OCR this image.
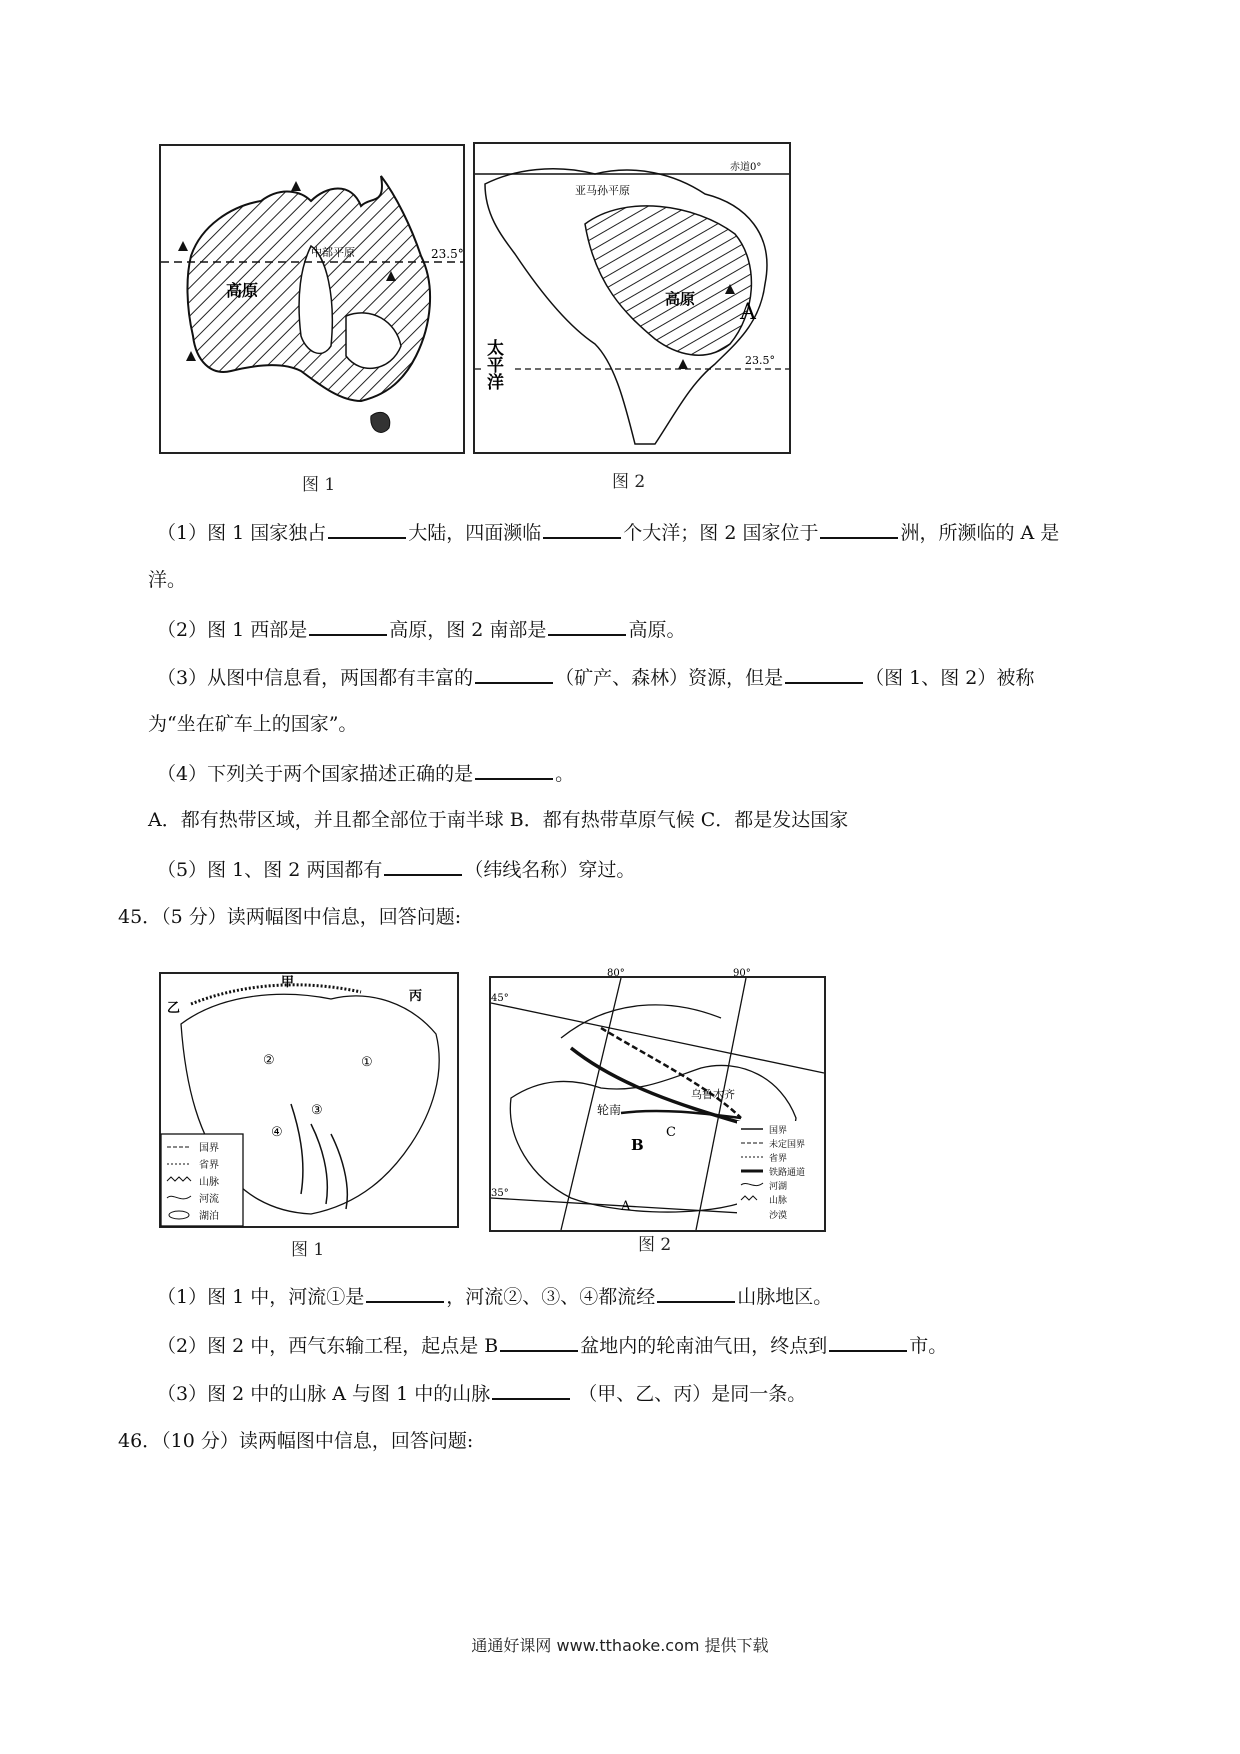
23.5°
高原
中部平原
图 1
赤道0°
亚马孙平原
高原
A
23.5°
太平洋
图 2
（1）图 1 国家独占	大陆，四面濒临	个大洋；图 2 国家位于	洲，所濒临的 A 是
洋。
（2）图 1 西部是	高原，图 2 南部是	高原。
（3）从图中信息看，两国都有丰富的	（矿产、森林）资源，但是	（图 1、图 2）被称
为“坐在矿车上的国家”。
（4）下列关于两个国家描述正确的是	。
A．都有热带区域，并且都全部位于南半球 B．都有热带草原气候 C．都是发达国家
（5）图 1、图 2 两国都有	（纬线名称）穿过。
45．（5 分）读两幅图中信息，回答问题:
甲
乙
丙
①
②
③
④
国界
省界
山脉
河流
湖泊
图 1
80°	90°
45°
35°
轮南
乌鲁木齐
B
C
A
国界
未定国界
省界
铁路通道
河湖
山脉
沙漠
图 2
（1）图 1 中，河流①是	，河流②、③、④都流经	山脉地区。
（2）图 2 中，西气东输工程，起点是 B	盆地内的轮南油气田，终点到	市。
（3）图 2 中的山脉 A 与图 1 中的山脉	（甲、乙、丙）是同一条。
46．（10 分）读两幅图中信息，回答问题:
通通好课网 www.tthaoke.com 提供下载
